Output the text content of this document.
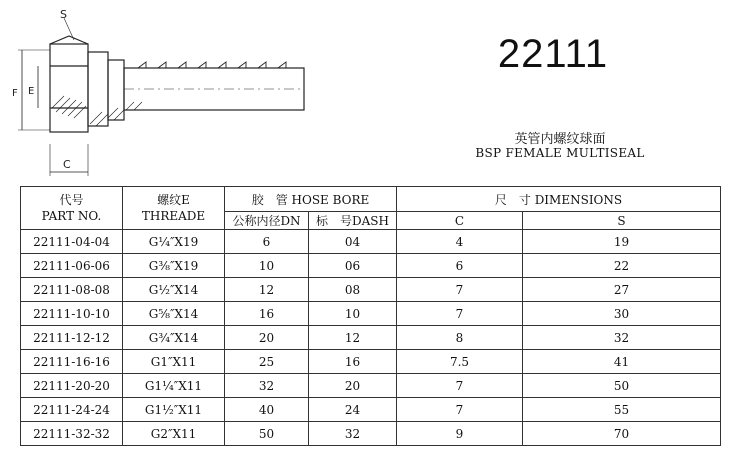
S
E
F
C
22111
英管内螺纹球面
BSP FEMALE MULTISEAL
代号
PART NO.	螺纹E
THREADE	胶　管 HOSE BORE		尺　寸 DIMENSIONS	
		公称内径DN	标　号DASH	C	S
22111-04-04	G¼″X19	6	04	4	19
22111-06-06	G⅜″X19	10	06	6	22
22111-08-08	G½″X14	12	08	7	27
22111-10-10	G⅝″X14	16	10	7	30
22111-12-12	G¾″X14	20	12	8	32
22111-16-16	G1″X11	25	16	7.5	41
22111-20-20	G1¼″X11	32	20	7	50
22111-24-24	G1½″X11	40	24	7	55
22111-32-32	G2″X11	50	32	9	70
